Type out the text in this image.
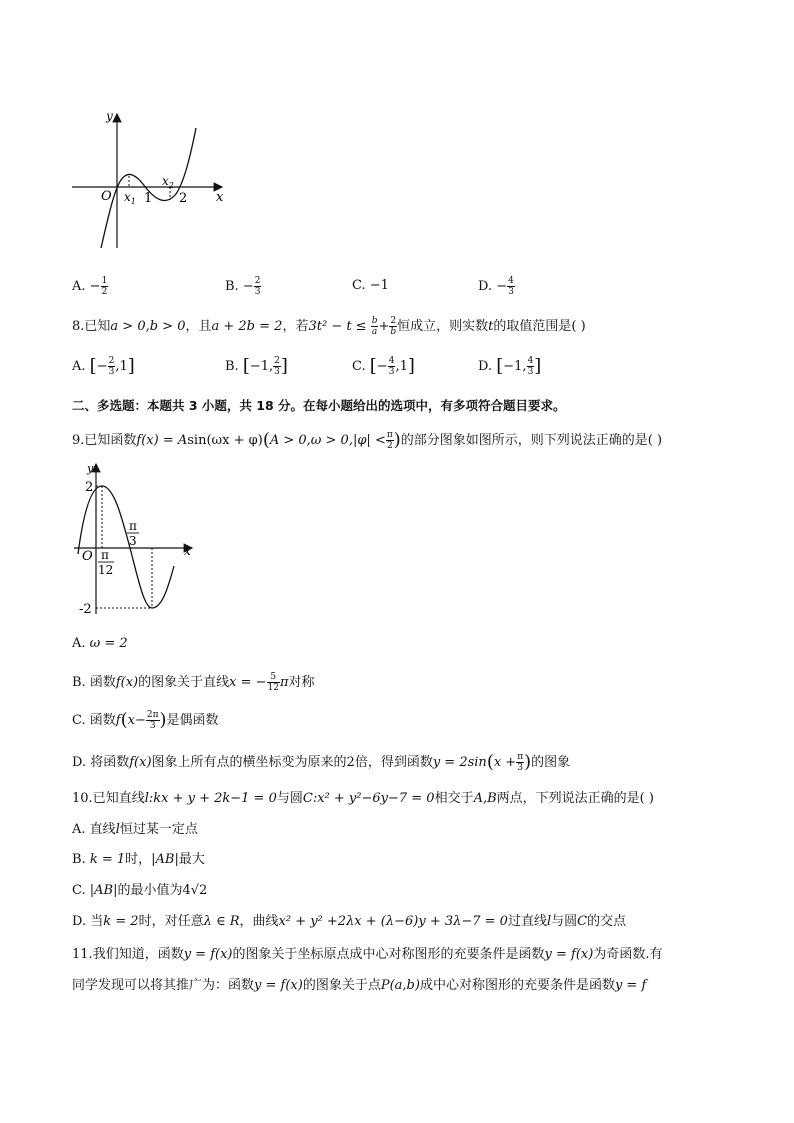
y
x
O $x_1$ 1
$x_2$
2
A. − $\frac{1}{2}$	B. − $\frac{2}{3}$	C. −1	D. − $\frac{4}{3}$
8.已知a > 0,b > 0，且a + 2b = 2，若$3t^2 - t \le \frac{b}{a} + \frac{2}{b}$ 恒成立，则实数t的取值范围是( )
A. [− $\frac{2}{3} ,1$]	B. [−1, $\frac{2}{3}$ ]	C. [− $\frac{4}{3} ,1$]	D. [−1, $\frac{4}{3}$ ]
二、多选题：本题共 3 小题，共 18 分。在每小题给出的选项中，有多项符合题目要求。
9.已知函数$f(x) = Asin(\omega x + \varphi)(A > 0,\omega > 0,|\varphi| < \frac{\pi}{2}$ )的部分图象如图所示，则下列说法正确的是( )
y
x
O
2
-2
π
12
π
3
A. ω = 2
B. 函数f(x)的图象关于直线x = − $\frac{5}{12}$ π对称
C. 函数$f(x- \frac{2\pi}{3}$ )是偶函数
D. 将函数f(x)图象上所有点的横坐标变为原来的2倍，得到函数$y = 2\sin(x + \frac{\pi}{3}$ )的图象
10.已知直线l:kx + y + 2k−1 = 0与圆C:x² + y²−6y−7 = 0相交于A,B两点，下列说法正确的是( )
A. 直线l恒过某一定点
B. k = 1时，|AB|最大
C. |AB|的最小值为4√2
D. 当k = 2时，对任意λ ∈ R，曲线x² + y² +2λx + (λ−6)y + 3λ−7 = 0过直线l与圆C的交点
11.我们知道，函数y = f(x)的图象关于坐标原点成中心对称图形的充要条件是函数y = f(x)为奇函数.有
同学发现可以将其推广为：函数y = f(x)的图象关于点P(a,b)成中心对称图形的充要条件是函数y = f
